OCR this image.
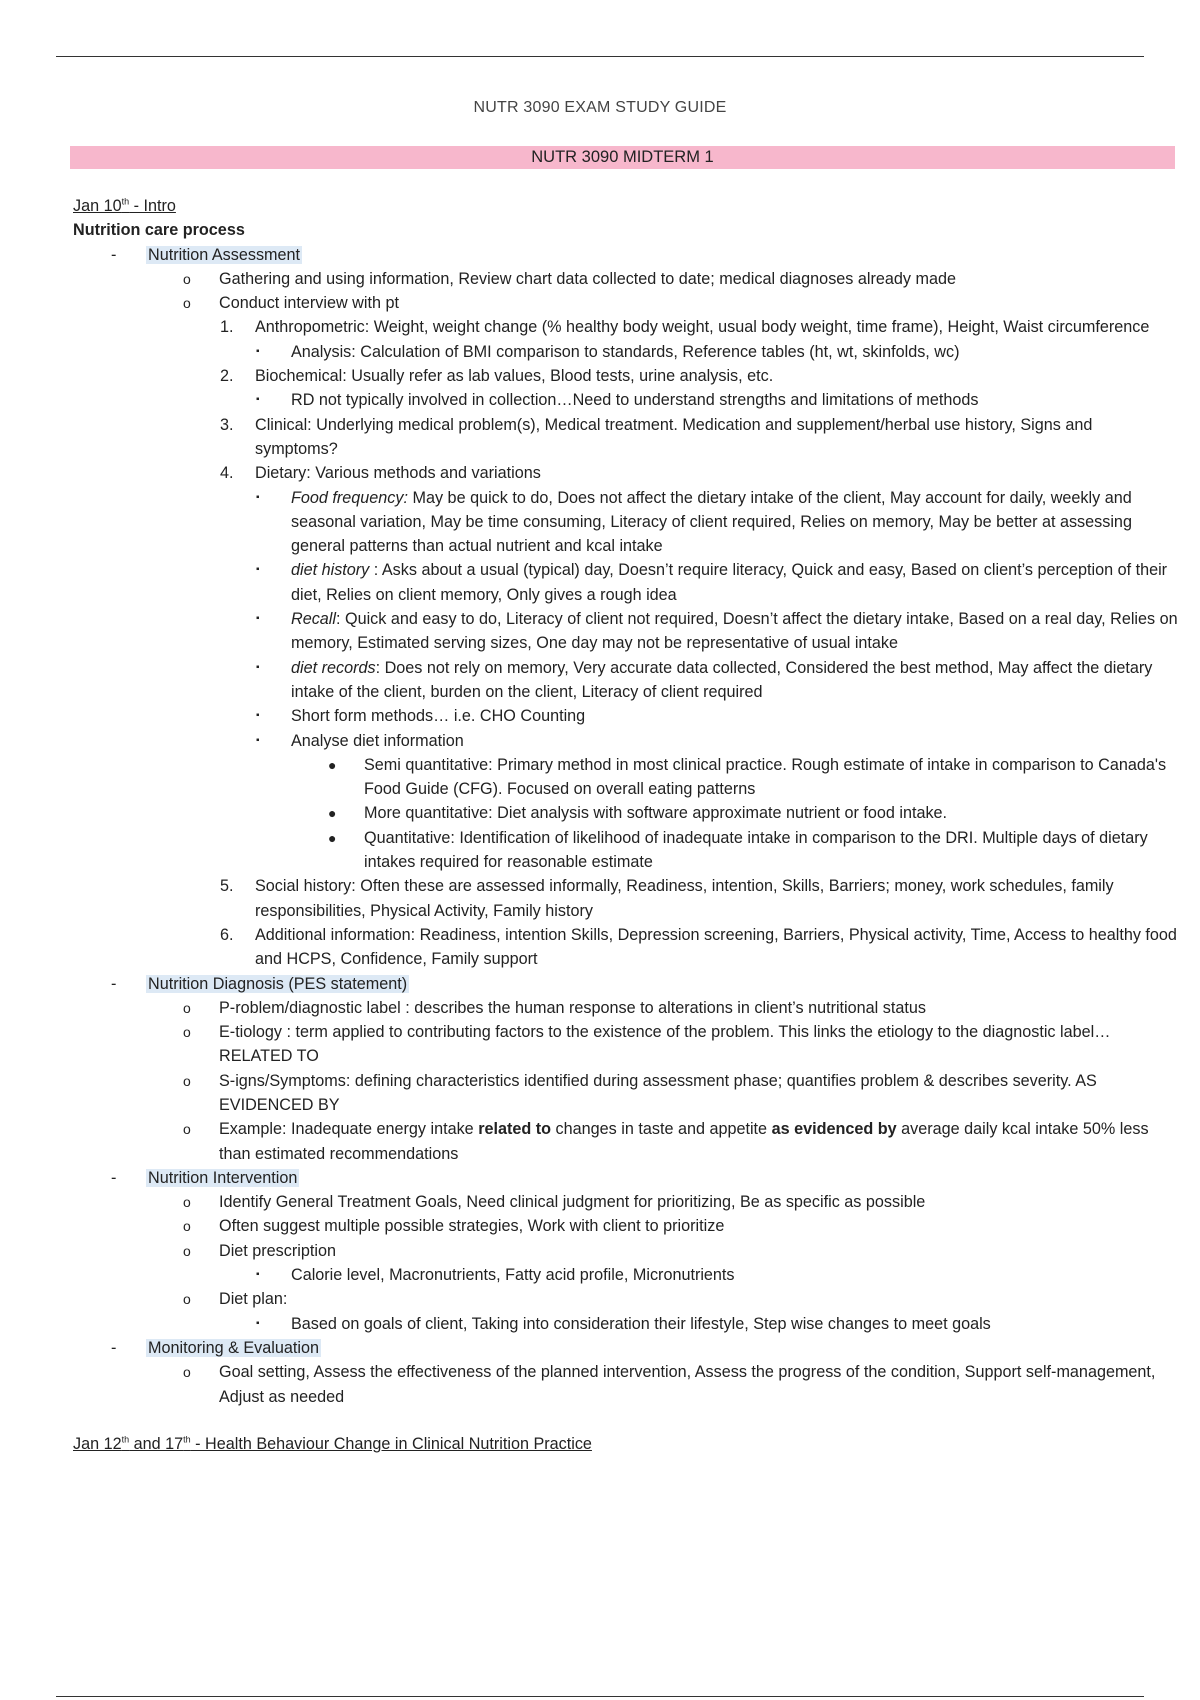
NUTR 3090 EXAM STUDY GUIDE
NUTR 3090 MIDTERM 1
Jan 10th - Intro
Nutrition care process
- Nutrition Assessment
o Gathering and using information, Review chart data collected to date; medical diagnoses already made
o Conduct interview with pt
1. Anthropometric: Weight, weight change (% healthy body weight, usual body weight, time frame), Height, Waist circumference
▪ Analysis: Calculation of BMI comparison to standards, Reference tables (ht, wt, skinfolds, wc)
2. Biochemical: Usually refer as lab values, Blood tests, urine analysis, etc.
▪ RD not typically involved in collection…Need to understand strengths and limitations of methods
3. Clinical: Underlying medical problem(s), Medical treatment. Medication and supplement/herbal use history, Signs and symptoms?
4. Dietary: Various methods and variations
▪ Food frequency: May be quick to do, Does not affect the dietary intake of the client, May account for daily, weekly and seasonal variation, May be time consuming, Literacy of client required, Relies on memory, May be better at assessing general patterns than actual nutrient and kcal intake
▪ diet history : Asks about a usual (typical) day, Doesn’t require literacy, Quick and easy, Based on client’s perception of their diet, Relies on client memory, Only gives a rough idea
▪ Recall: Quick and easy to do, Literacy of client not required, Doesn’t affect the dietary intake, Based on a real day, Relies on memory, Estimated serving sizes, One day may not be representative of usual intake
▪ diet records: Does not rely on memory, Very accurate data collected, Considered the best method, May affect the dietary intake of the client, burden on the client, Literacy of client required
▪ Short form methods… i.e. CHO Counting
▪ Analyse diet information
● Semi quantitative: Primary method in most clinical practice. Rough estimate of intake in comparison to Canada's Food Guide (CFG). Focused on overall eating patterns
● More quantitative: Diet analysis with software approximate nutrient or food intake.
● Quantitative: Identification of likelihood of inadequate intake in comparison to the DRI. Multiple days of dietary intakes required for reasonable estimate
5. Social history: Often these are assessed informally, Readiness, intention, Skills, Barriers; money, work schedules, family responsibilities, Physical Activity, Family history
6. Additional information: Readiness, intention Skills, Depression screening, Barriers, Physical activity, Time, Access to healthy food and HCPS, Confidence, Family support
- Nutrition Diagnosis (PES statement)
o P-roblem/diagnostic label : describes the human response to alterations in client’s nutritional status
o E-tiology : term applied to contributing factors to the existence of the problem. This links the etiology to the diagnostic label… RELATED TO
o S-igns/Symptoms: defining characteristics identified during assessment phase; quantifies problem & describes severity. AS EVIDENCED BY
o Example: Inadequate energy intake related to changes in taste and appetite as evidenced by average daily kcal intake 50% less than estimated recommendations
- Nutrition Intervention
o Identify General Treatment Goals, Need clinical judgment for prioritizing, Be as specific as possible
o Often suggest multiple possible strategies, Work with client to prioritize
o Diet prescription
▪ Calorie level, Macronutrients, Fatty acid profile, Micronutrients
o Diet plan:
▪ Based on goals of client, Taking into consideration their lifestyle, Step wise changes to meet goals
- Monitoring & Evaluation
o Goal setting, Assess the effectiveness of the planned intervention, Assess the progress of the condition, Support self-management, Adjust as needed
Jan 12th and 17th - Health Behaviour Change in Clinical Nutrition Practice
